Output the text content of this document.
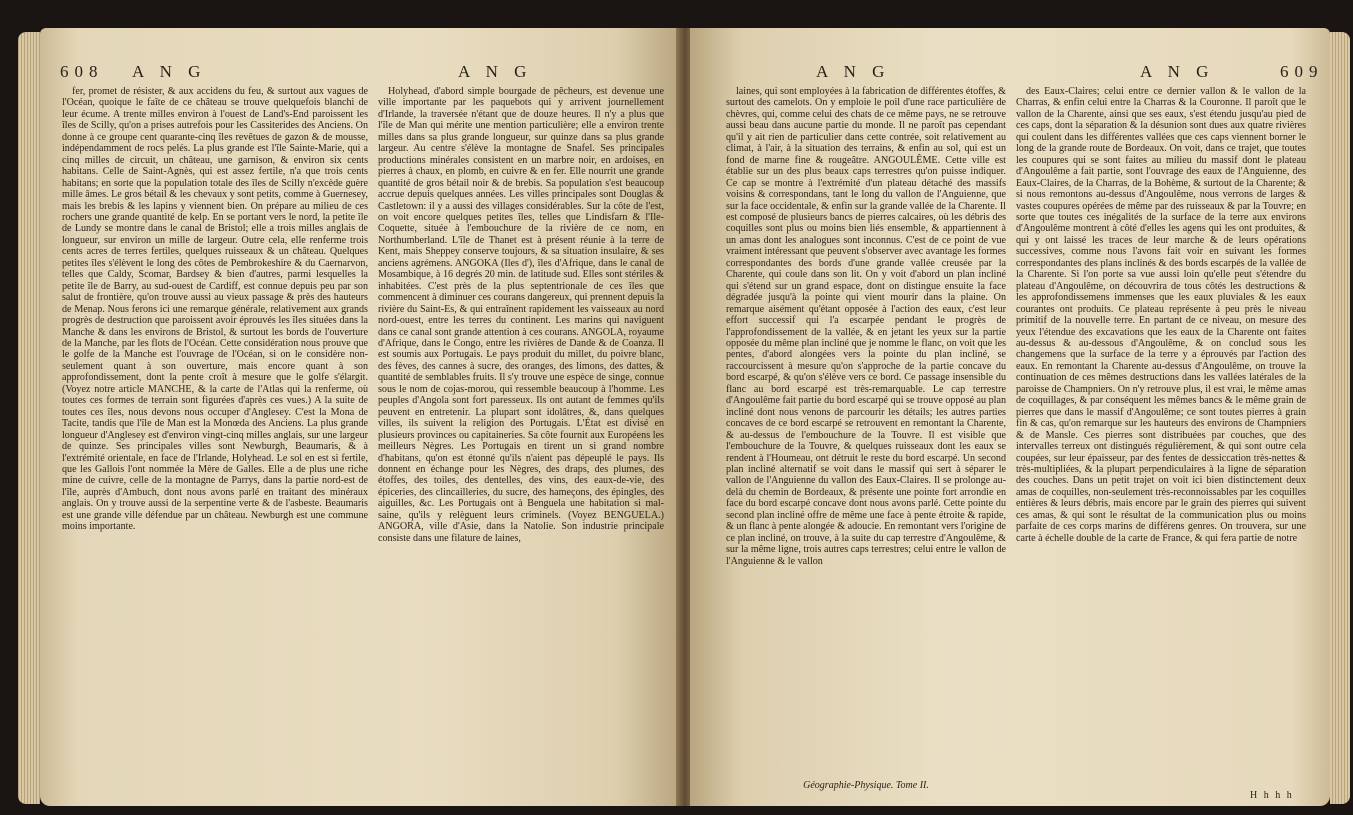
608 A N G	A N G

fer, promet de résister, & aux accidens du feu, & surtout aux vagues de l'Océan, quoique le faîte de ce château se trouve quelquefois blanchi de leur écume. A trente milles environ à l'ouest de Land's-End paroissent les îles de Scilly, qu'on a prises autrefois pour les Cassiterides des Anciens. On donne à ce groupe cent quarante-cinq îles revêtues de gazon & de mousse, indépendamment de rocs pelés. La plus grande est l'île Sainte-Marie, qui a cinq milles de circuit, un château, une garnison, & environ six cents habitans. Celle de Saint-Agnès, qui est assez fertile, n'a que trois cents habitans; en sorte que la population totale des îles de Scilly n'excède guère mille âmes. Le gros bétail & les chevaux y sont petits, comme à Guernesey, mais les brebis & les lapins y viennent bien. On prépare au milieu de ces rochers une grande quantité de kelp. En se portant vers le nord, la petite île de Lundy se montre dans le canal de Bristol; elle a trois milles anglais de longueur, sur environ un mille de largeur. Outre cela, elle renferme trois cents acres de terres fertiles, quelques ruisseaux & un château. Quelques petites îles s'élèvent le long des côtes de Pembrokeshire & du Caernarvon, telles que Caldy, Scomar, Bardsey & bien d'autres, parmi lesquelles la petite île de Barry, au sud-ouest de Cardiff, est connue depuis peu par son salut de frontière, qu'on trouve aussi au vieux passage & près des hauteurs de Menap. Nous ferons ici une remarque générale, relativement aux grands progrès de destruction que paroissent avoir éprouvés les îles situées dans la Manche & dans les environs de Bristol, & surtout les bords de l'ouverture de la Manche, par les flots de l'Océan. Cette considération nous prouve que le golfe de la Manche est l'ouvrage de l'Océan, si on le considère non-seulement quant à son ouverture, mais encore quant à son approfondissement, dont la pente croît à mesure que le golfe s'élargit. (Voyez notre article MANCHE, & la carte de l'Atlas qui la renferme, où toutes ces formes de terrain sont figurées d'après ces vues.) A la suite de toutes ces îles, nous devons nous occuper d'Anglesey. C'est la Mona de Tacite, tandis que l'île de Man est la Monœda des Anciens. La plus grande longueur d'Anglesey est d'environ vingt-cinq milles anglais, sur une largeur de quinze. Ses principales villes sont Newburgh, Beaumaris, & à l'extrémité orientale, en face de l'Irlande, Holyhead. Le sol en est si fertile, que les Gallois l'ont nommée la Mère de Galles. Elle a de plus une riche mine de cuivre, celle de la montagne de Parrys, dans la partie nord-est de l'île, auprès d'Ambuch, dont nous avons parlé en traitant des minéraux anglais. On y trouve aussi de la serpentine verte & de l'asbeste. Beaumaris est une grande ville défendue par un château. Newburgh est une commune moins importante.

Holyhead, d'abord simple bourgade de pêcheurs, est devenue une ville importante par les paquebots qui y arrivent journellement d'Irlande, la traversée n'étant que de douze heures. Il n'y a plus que l'île de Man qui mérite une mention particulière; elle a environ trente milles dans sa plus grande longueur, sur quinze dans sa plus grande largeur. Au centre s'élève la montagne de Snafel. Ses principales productions minérales consistent en un marbre noir, en ardoises, en pierres à chaux, en plomb, en cuivre & en fer. Elle nourrit une grande quantité de gros bétail noir & de brebis. Sa population s'est beaucoup accrue depuis quelques années. Les villes principales sont Douglas & Castletown: il y a aussi des villages considérables. Sur la côte de l'est, on voit encore quelques petites îles, telles que Lindisfarn & l'Ile-Coquette, située à l'embouchure de la rivière de ce nom, en Northumberland. L'île de Thanet est à présent réunie à la terre de Kent, mais Sheppey conserve toujours, & sa situation insulaire, & ses anciens agrémens. ANGOKA (Iles d'), îles d'Afrique, dans le canal de Mosambique, à 16 degrés 20 min. de latitude sud. Elles sont stériles & inhabitées. C'est près de la plus septentrionale de ces îles que commencent à diminuer ces courans dangereux, qui prennent depuis la rivière du Saint-Es, & qui entraînent rapidement les vaisseaux au nord nord-ouest, entre les terres du continent. Les marins qui naviguent dans ce canal sont grande attention à ces courans. ANGOLA, royaume d'Afrique, dans le Congo, entre les rivières de Dande & de Coanza. Il est soumis aux Portugais. Le pays produit du millet, du poivre blanc, des fèves, des cannes à sucre, des oranges, des limons, des dattes, & quantité de semblables fruits. Il s'y trouve une espèce de singe, connue sous le nom de cojas-morou, qui ressemble beaucoup à l'homme. Les peuples d'Angola sont fort paresseux. Ils ont autant de femmes qu'ils peuvent en entretenir. La plupart sont idolâtres, &, dans quelques villes, ils suivent la religion des Portugais. L'État est divisé en plusieurs provinces ou capitaineries. Sa côte fournit aux Européens les meilleurs Nègres. Les Portugais en tirent un si grand nombre d'habitans, qu'on est étonné qu'ils n'aient pas dépeuplé le pays. Ils donnent en échange pour les Nègres, des draps, des plumes, des étoffes, des toiles, des dentelles, des vins, des eaux-de-vie, des épiceries, des clincailleries, du sucre, des hameçons, des épingles, des aiguilles, &c. Les Portugais ont à Benguela une habitation si mal-saine, qu'ils y relèguent leurs criminels. (Voyez BENGUELA.) ANGORA, ville d'Asie, dans la Natolie. Son industrie principale consiste dans une filature de laines,

A N G	A N G	609

laines, qui sont employées à la fabrication de différentes étoffes, & surtout des camelots. On y emploie le poil d'une race particulière de chèvres, qui, comme celui des chats de ce même pays, ne se retrouve aussi beau dans aucune partie du monde. Il ne paroît pas cependant qu'il y ait rien de particulier dans cette contrée, soit relativement au climat, à l'air, à la situation des terrains, & enfin au sol, qui est un fond de marne fine & rougeâtre. ANGOULÊME. Cette ville est établie sur un des plus beaux caps terrestres qu'on puisse indiquer. Ce cap se montre à l'extrémité d'un plateau détaché des massifs voisins & correspondans, tant le long du vallon de l'Anguienne, que sur la face occidentale, & enfin sur la grande vallée de la Charente. Il est composé de plusieurs bancs de pierres calcaires, où les débris des coquilles sont plus ou moins bien liés ensemble, & appartiennent à un amas dont les analogues sont inconnus. C'est de ce point de vue vraiment intéressant que peuvent s'observer avec avantage les formes correspondantes des bords d'une grande vallée creusée par la Charente, qui coule dans son lit. On y voit d'abord un plan incliné qui s'étend sur un grand espace, dont on distingue ensuite la face dégradée jusqu'à la pointe qui vient mourir dans la plaine. On remarque aisément qu'étant opposée à l'action des eaux, c'est leur effort successif qui l'a escarpée pendant le progrès de l'approfondissement de la vallée, & en jetant les yeux sur la partie opposée du même plan incliné que je nomme le flanc, on voit que les pentes, d'abord alongées vers la pointe du plan incliné, se raccourcissent à mesure qu'on s'approche de la partie concave du bord escarpé, & qu'on s'élève vers ce bord. Ce passage insensible du flanc au bord escarpé est très-remarquable. Le cap terrestre d'Angoulême fait partie du bord escarpé qui se trouve opposé au plan incliné dont nous venons de parcourir les détails; les autres parties concaves de ce bord escarpé se retrouvent en remontant la Charente, & au-dessus de l'embouchure de la Touvre. Il est visible que l'embouchure de la Touvre, & quelques ruisseaux dont les eaux se rendent à l'Houmeau, ont détruit le reste du bord escarpé. Un second plan incliné alternatif se voit dans le massif qui sert à séparer le vallon de l'Anguienne du vallon des Eaux-Claires. Il se prolonge au-delà du chemin de Bordeaux, & présente une pointe fort arrondie en face du bord escarpé concave dont nous avons parlé. Cette pointe du second plan incliné offre de même une face à pente étroite & rapide, & un flanc à pente alongée & adoucie. En remontant vers l'origine de ce plan incliné, on trouve, à la suite du cap terrestre d'Angoulême, & sur la même ligne, trois autres caps terrestres; celui entre le vallon de l'Anguienne & le vallon

Géographie-Physique. Tome II.

des Eaux-Claires; celui entre ce dernier vallon & le vallon de la Charras, & enfin celui entre la Charras & la Couronne. Il paroît que le vallon de la Charente, ainsi que ses eaux, s'est étendu jusqu'au pied de ces caps, dont la séparation & la désunion sont dues aux quatre rivières qui coulent dans les différentes vallées que ces caps viennent borner le long de la grande route de Bordeaux. On voit, dans ce trajet, que toutes les coupures qui se sont faites au milieu du massif dont le plateau d'Angoulême a fait partie, sont l'ouvrage des eaux de l'Anguienne, des Eaux-Claires, de la Charras, de la Bohème, & surtout de la Charente; & si nous remontons au-dessus d'Angoulême, nous verrons de larges & vastes coupures opérées de même par des ruisseaux & par la Touvre; en sorte que toutes ces inégalités de la surface de la terre aux environs d'Angoulême montrent à côté d'elles les agens qui les ont produites, & qui y ont laissé les traces de leur marche & de leurs opérations successives, comme nous l'avons fait voir en suivant les formes correspondantes des plans inclinés & des bords escarpés de la vallée de la Charente. Si l'on porte sa vue aussi loin qu'elle peut s'étendre du plateau d'Angoulême, on découvrira de tous côtés les destructions & les approfondissemens immenses que les eaux pluviales & les eaux courantes ont produits. Ce plateau représente à peu près le niveau primitif de la nouvelle terre. En partant de ce niveau, on mesure des yeux l'étendue des excavations que les eaux de la Charente ont faites au-dessus & au-dessous d'Angoulême, & on conclud sous les changemens que la surface de la terre y a éprouvés par l'action des eaux. En remontant la Charente au-dessus d'Angoulême, on trouve la continuation de ces mêmes destructions dans les vallées latérales de la paroisse de Champniers. On n'y retrouve plus, il est vrai, le même amas de coquillages, & par conséquent les mêmes bancs & le même grain de pierres que dans le massif d'Angoulême; ce sont toutes pierres à grain fin & cas, qu'on remarque sur les hauteurs des environs de Champniers & de Mansle. Ces pierres sont distribuées par couches, que des intervalles terreux ont distingués régulièrement, & qui sont outre cela coupées, sur leur épaisseur, par des fentes de dessiccation très-nettes & très-multipliées, & la plupart perpendiculaires à la ligne de séparation des couches. Dans un petit trajet on voit ici bien distinctement deux amas de coquilles, non-seulement très-reconnoissables par les coquilles entières & leurs débris, mais encore par le grain des pierres qui suivent ces amas, & qui sont le résultat de la communication plus ou moins parfaite de ces corps marins de différens genres. On trouvera, sur une carte à échelle double de la carte de France, & qui fera partie de notre

H h h h
